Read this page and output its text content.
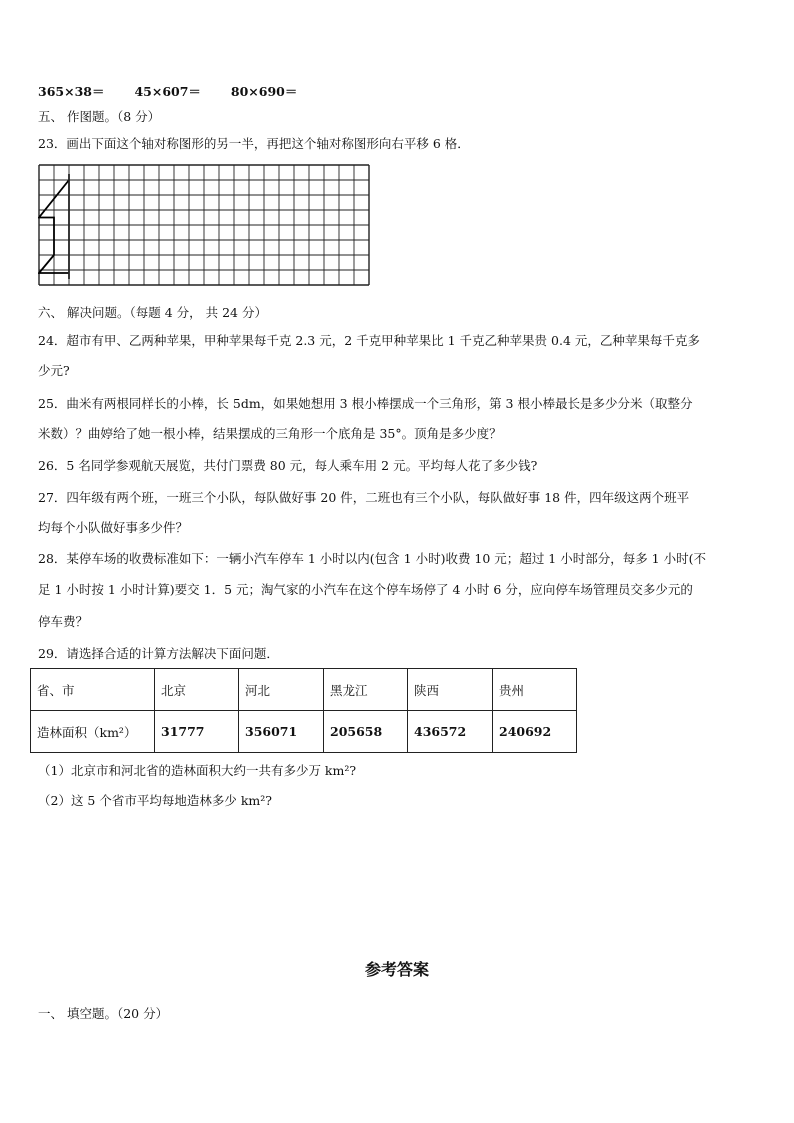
365×38＝ 45×607＝ 80×690＝
五、 作图题。（8 分）
23．画出下面这个轴对称图形的另一半，再把这个轴对称图形向右平移 6 格．
六、 解决问题。（每题 4 分， 共 24 分）
24．超市有甲、乙两种苹果，甲种苹果每千克 2.3 元，2 千克甲种苹果比 1 千克乙种苹果贵 0.4 元，乙种苹果每千克多
少元?
25．曲米有两根同样长的小棒，长 5dm，如果她想用 3 根小棒摆成一个三角形，第 3 根小棒最长是多少分米（取整分
米数）？曲婷给了她一根小棒，结果摆成的三角形一个底角是 35°。顶角是多少度？
26．5 名同学参观航天展览，共付门票费 80 元，每人乘车用 2 元。平均每人花了多少钱?
27．四年级有两个班，一班三个小队，每队做好事 20 件，二班也有三个小队，每队做好事 18 件，四年级这两个班平
均每个小队做好事多少件？
28．某停车场的收费标准如下：一辆小汽车停车 1 小时以内(包含 1 小时)收费 10 元；超过 1 小时部分，每多 1 小时(不
足 1 小时按 1 小时计算)要交 1．5 元；淘气家的小汽车在这个停车场停了 4 小时 6 分，应向停车场管理员交多少元的
停车费？
29．请选择合适的计算方法解决下面问题．
省、市	北京	河北	黑龙江	陕西	贵州
造林面积（km²）	31777	356071	205658	436572	240692
（1）北京市和河北省的造林面积大约一共有多少万 km²?
（2）这 5 个省市平均每地造林多少 km²?
参考答案
一、 填空题。（20 分）
